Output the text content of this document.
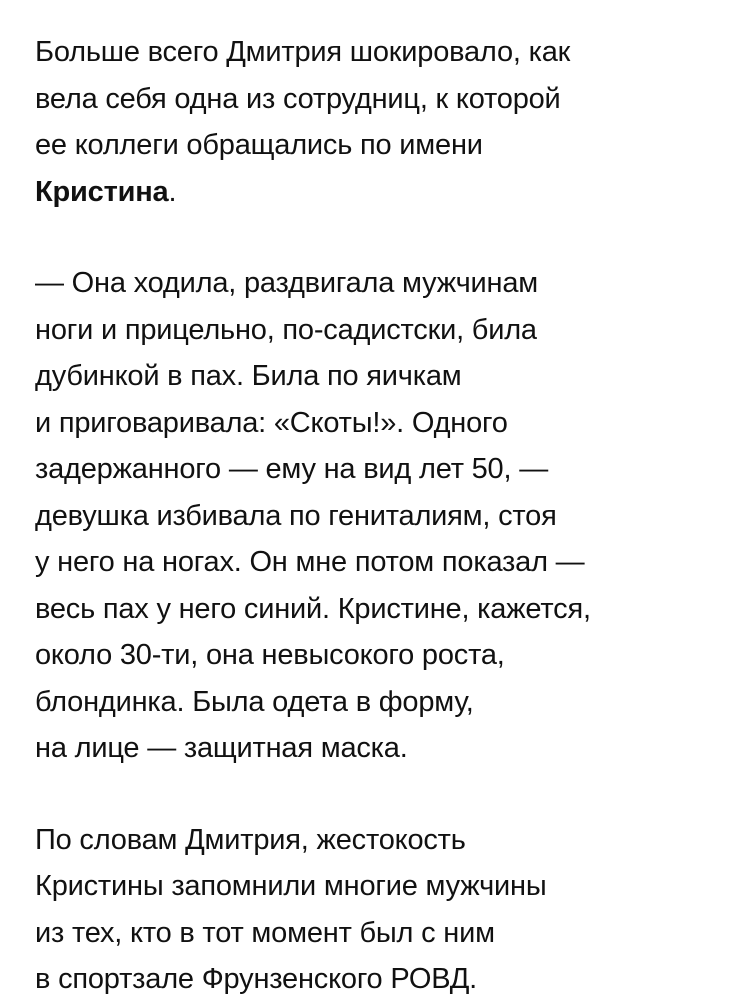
Больше всего Дмитрия шокировало, как
вела себя одна из сотрудниц, к которой
ее коллеги обращались по имени
Кристина.

— Она ходила, раздвигала мужчинам
ноги и прицельно, по-садистски, била
дубинкой в пах. Била по яичкам
и приговаривала: «Скоты!». Одного
задержанного — ему на вид лет 50, —
девушка избивала по гениталиям, стоя
у него на ногах. Он мне потом показал —
весь пах у него синий. Кристине, кажется,
около 30-ти, она невысокого роста,
блондинка. Была одета в форму,
на лице — защитная маска.

По словам Дмитрия, жестокость
Кристины запомнили многие мужчины
из тех, кто в тот момент был с ним
в спортзале Фрунзенского РОВД.
